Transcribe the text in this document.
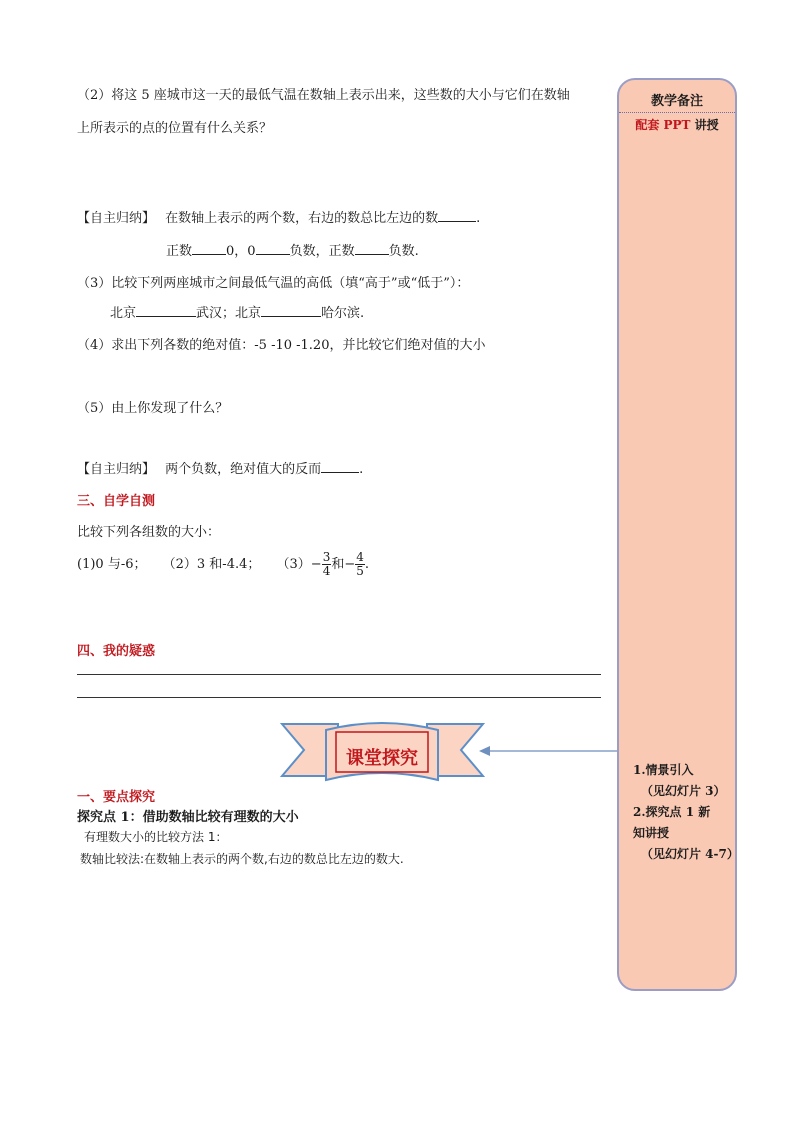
（2）将这 5 座城市这一天的最低气温在数轴上表示出来，这些数的大小与它们在数轴
上所表示的点的位置有什么关系？
【自主归纳】 在数轴上表示的两个数，右边的数总比左边的数	.
正数	0，0	负数，正数	负数.
（3）比较下列两座城市之间最低气温的高低（填“高于”或“低于”）：
北京	武汉；北京	哈尔滨.
（4）求出下列各数的绝对值：-5 -10 -1.20，并比较它们绝对值的大小
（5）由上你发现了什么？
【自主归纳】 两个负数，绝对值大的反而	.
三、自学自测
比较下列各组数的大小：
(1)0 与-6； （2）3 和-4.4； $(3)- \frac{3}{4}$ 和− $\frac{4}{5}$ .
四、我的疑惑
课堂探究
一、要点探究
探究点 1：借助数轴比较有理数的大小
有理数大小的比较方法 1：
数轴比较法:在数轴上表示的两个数,右边的数总比左边的数大.
教学备注
配套 PPT 讲授
1.情景引入
（见幻灯片 3）
2.探究点 1 新
知讲授
（见幻灯片 4-7）
